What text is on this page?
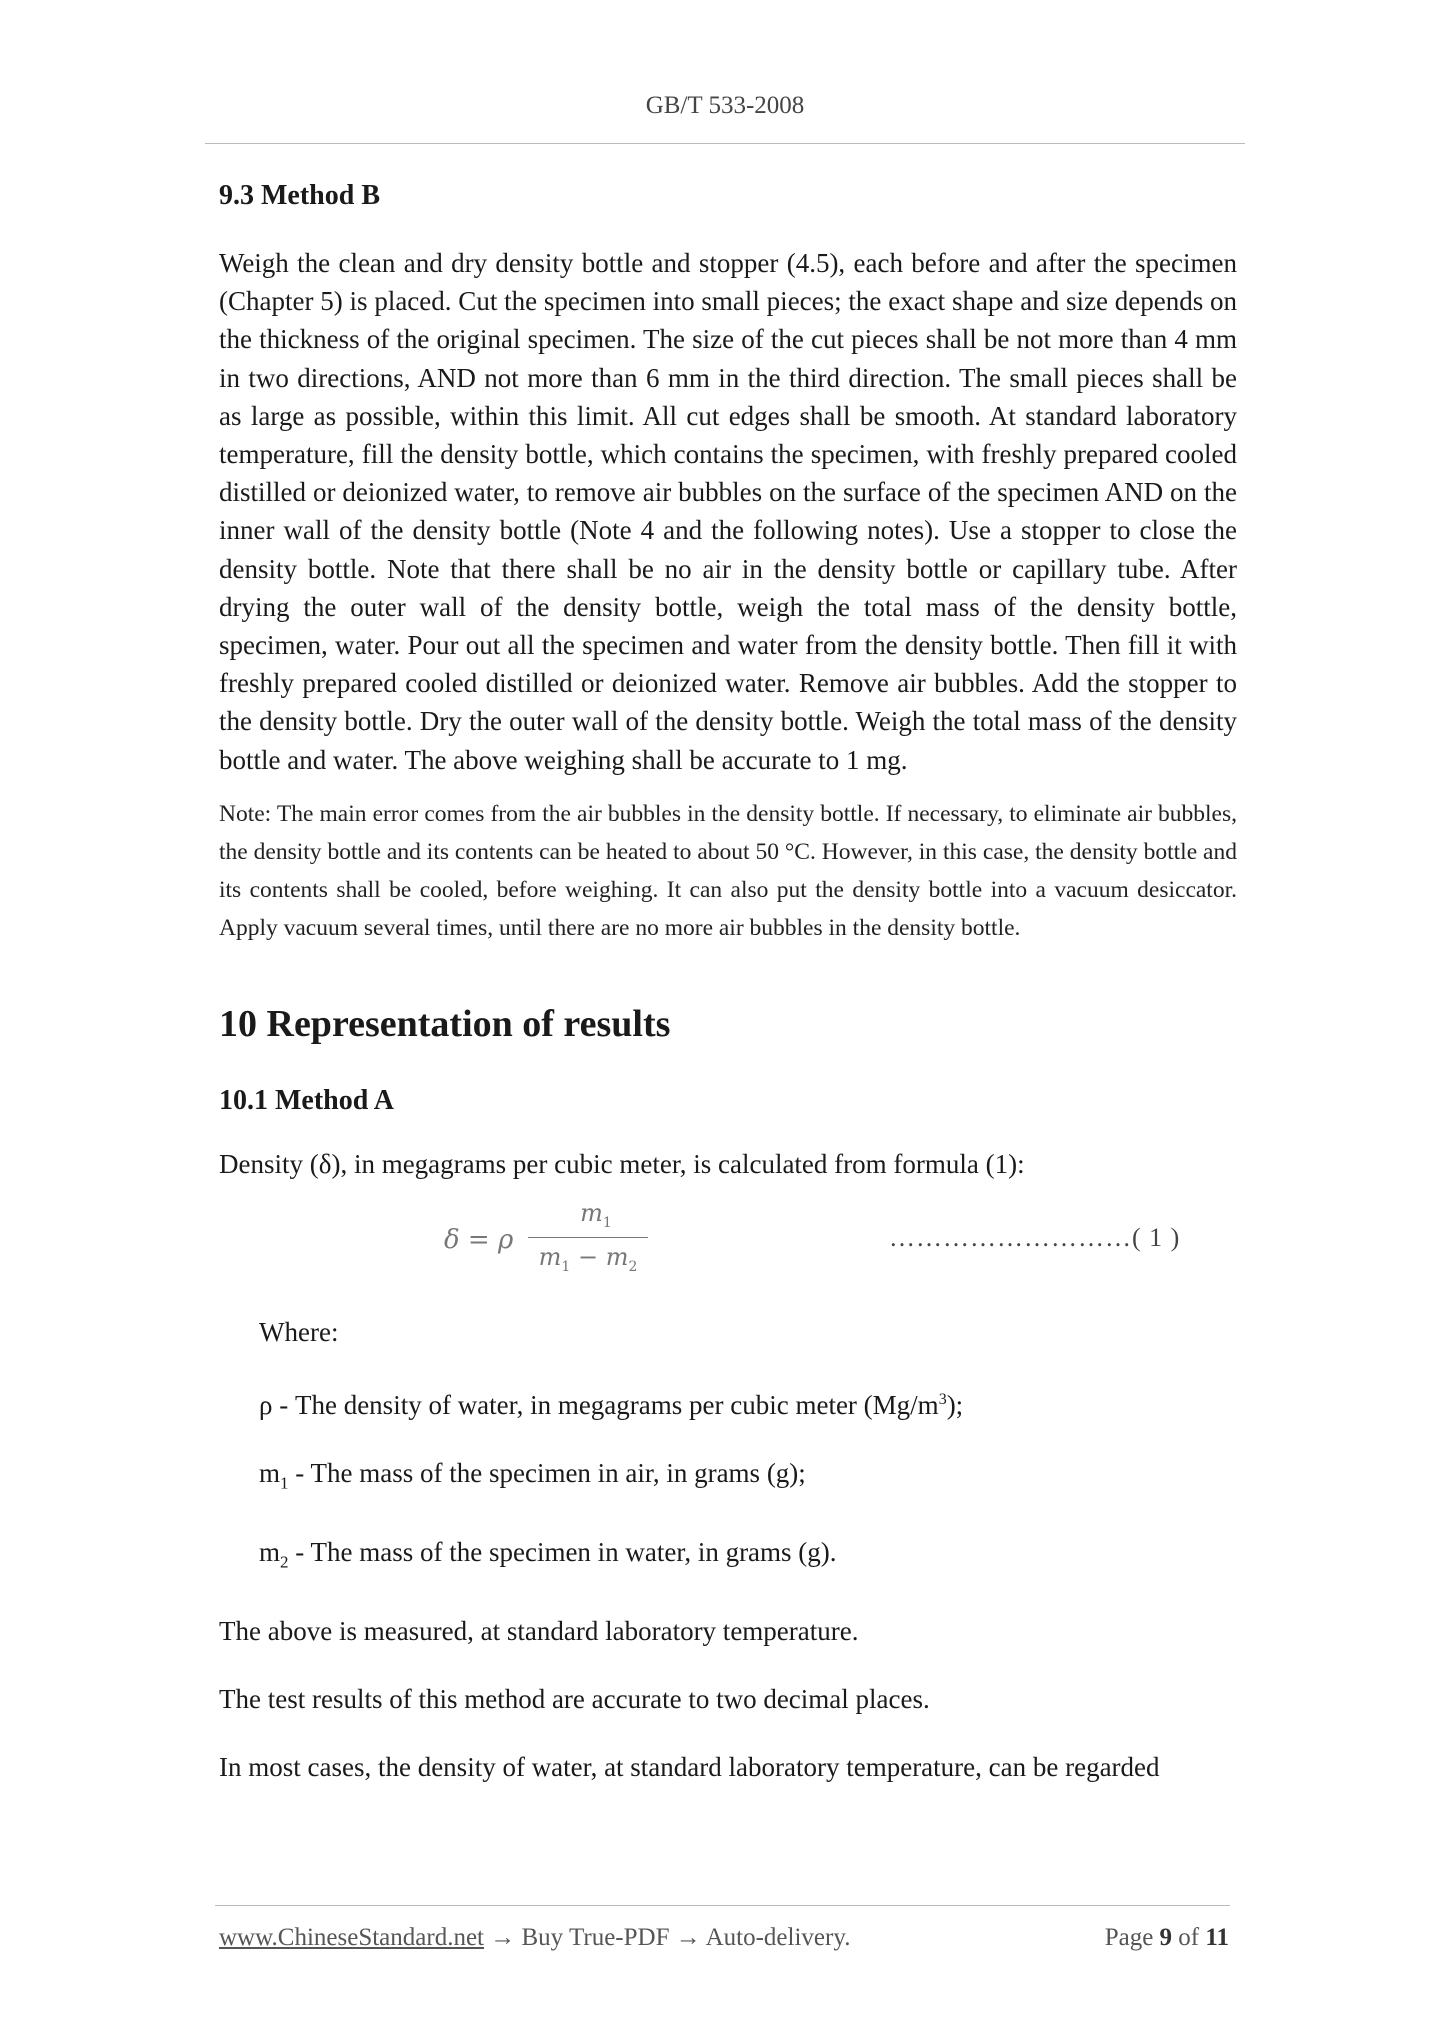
GB/T 533-2008
9.3 Method B

Weigh the clean and dry density bottle and stopper (4.5), each before and after the specimen (Chapter 5) is placed. Cut the specimen into small pieces; the exact shape and size depends on the thickness of the original specimen. The size of the cut pieces shall be not more than 4 mm in two directions, AND not more than 6 mm in the third direction. The small pieces shall be as large as possible, within this limit. All cut edges shall be smooth. At standard laboratory temperature, fill the density bottle, which contains the specimen, with freshly prepared cooled distilled or deionized water, to remove air bubbles on the surface of the specimen AND on the inner wall of the density bottle (Note 4 and the following notes). Use a stopper to close the density bottle. Note that there shall be no air in the density bottle or capillary tube. After drying the outer wall of the density bottle, weigh the total mass of the density bottle, specimen, water. Pour out all the specimen and water from the density bottle. Then fill it with freshly prepared cooled distilled or deionized water. Remove air bubbles. Add the stopper to the density bottle. Dry the outer wall of the density bottle. Weigh the total mass of the density bottle and water. The above weighing shall be accurate to 1 mg.

Note: The main error comes from the air bubbles in the density bottle. If necessary, to eliminate air bubbles, the density bottle and its contents can be heated to about 50 °C. However, in this case, the density bottle and its contents shall be cooled, before weighing. It can also put the density bottle into a vacuum desiccator. Apply vacuum several times, until there are no more air bubbles in the density bottle.

10 Representation of results
10.1 Method A

Density (δ), in megagrams per cubic meter, is calculated from formula (1):

δ = ρ
$m_1$
$m_1 - m_2$
………………………( 1 )

Where:

ρ - The density of water, in megagrams per cubic meter $(Mg/m^3)$;

$m_1$ - The mass of the specimen in air, in grams (g);

$m_2$ - The mass of the specimen in water, in grams (g).

The above is measured, at standard laboratory temperature.

The test results of this method are accurate to two decimal places.

In most cases, the density of water, at standard laboratory temperature, can be regarded

www.ChineseStandard.net → Buy True-PDF → Auto-delivery.	Page 9 of 11
